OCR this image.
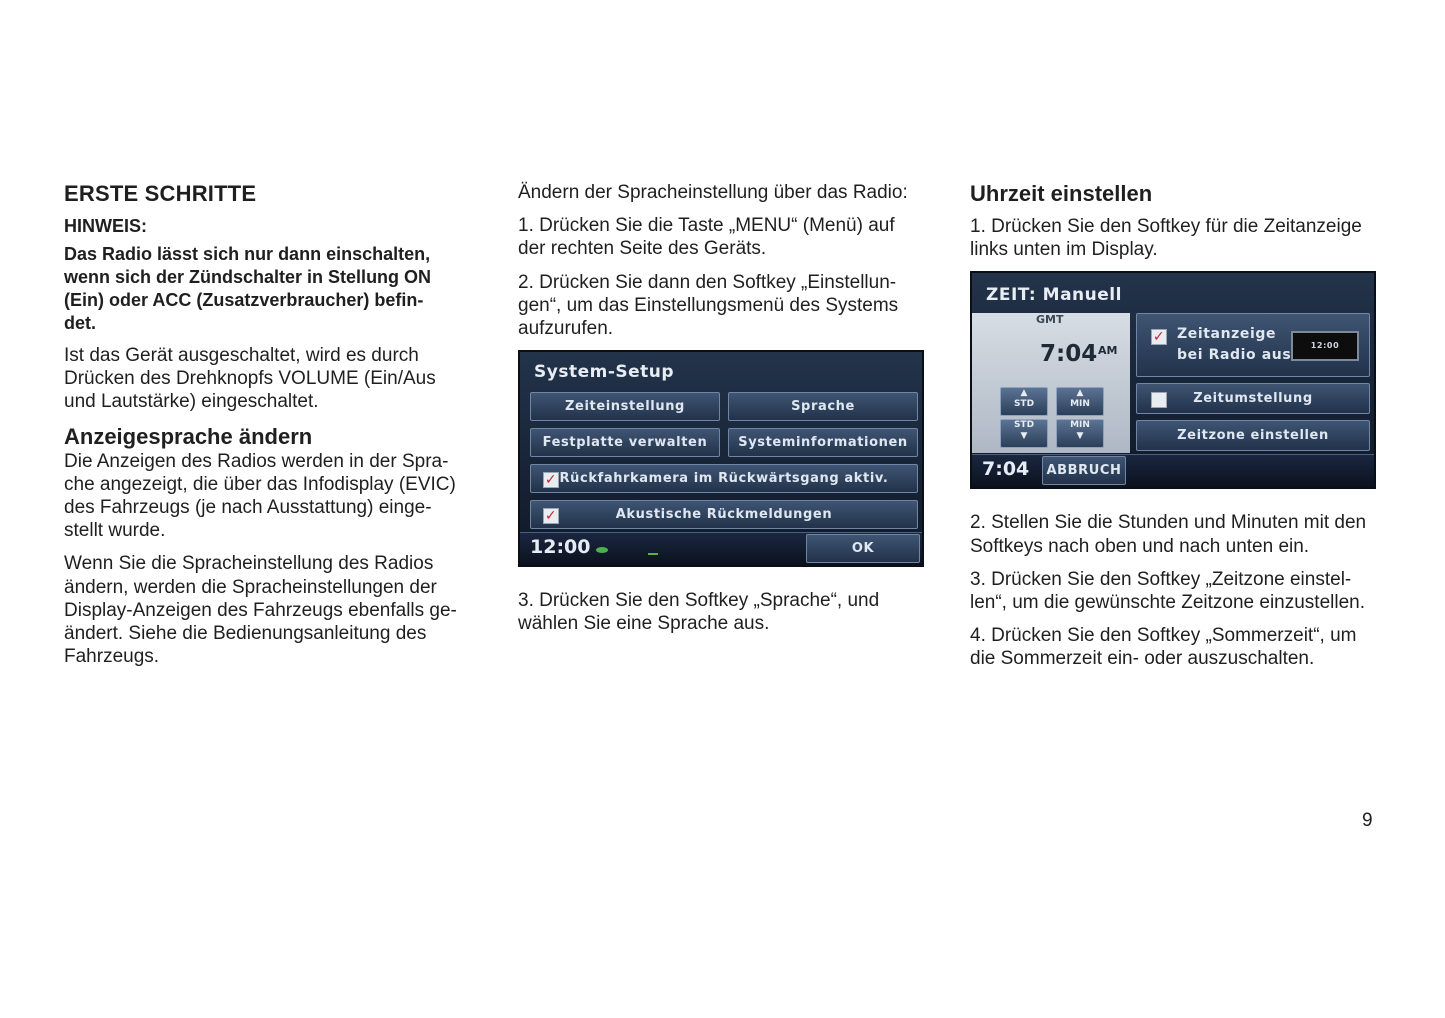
ERSTE SCHRITTE
HINWEIS:
Das Radio lässt sich nur dann einschalten,
wenn sich der Zündschalter in Stellung ON
(Ein) oder ACC (Zusatzverbraucher) befin-
det.

Ist das Gerät ausgeschaltet, wird es durch
Drücken des Drehknopfs VOLUME (Ein/Aus
und Lautstärke) eingeschaltet.

Anzeigesprache ändern

Die Anzeigen des Radios werden in der Spra-
che angezeigt, die über das Infodisplay (EVIC)
des Fahrzeugs (je nach Ausstattung) einge-
stellt wurde.

Wenn Sie die Spracheinstellung des Radios
ändern, werden die Spracheinstellungen der
Display-Anzeigen des Fahrzeugs ebenfalls ge-
ändert. Siehe die Bedienungsanleitung des
Fahrzeugs.

Ändern der Spracheinstellung über das Radio:

1. Drücken Sie die Taste „MENU“ (Menü) auf
der rechten Seite des Geräts.

2. Drücken Sie dann den Softkey „Einstellun-
gen“, um das Einstellungsmenü des Systems
aufzurufen.

System-Setup
Zeiteinstellung	Sprache
Festplatte verwalten	Systeminformationen
✓ Rückfahrkamera im Rückwärtsgang aktiv.
✓	Akustische Rückmeldungen
12:00	OK

3. Drücken Sie den Softkey „Sprache“, und
wählen Sie eine Sprache aus.

Uhrzeit einstellen

1. Drücken Sie den Softkey für die Zeitanzeige
links unten im Display.

ZEIT: Manuell
GMT
7:04 AM
▲
STD
▲
MIN
STD
▼
MIN
▼
✓ Zeitanzeige
bei Radio aus
12:00
Zeitumstellung
Zeitzone einstellen
7:04	ABBRUCH

2. Stellen Sie die Stunden und Minuten mit den
Softkeys nach oben und nach unten ein.

3. Drücken Sie den Softkey „Zeitzone einstel-
len“, um die gewünschte Zeitzone einzustellen.

4. Drücken Sie den Softkey „Sommerzeit“, um
die Sommerzeit ein- oder auszuschalten.

9
